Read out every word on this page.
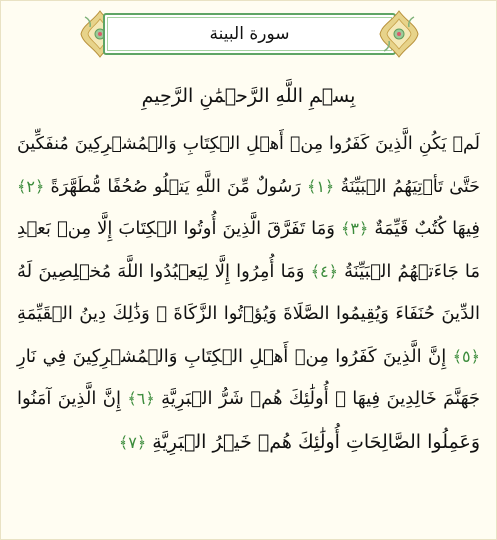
سورة البينة
بِسۡمِ اللَّهِ الرَّحۡمَٰنِ الرَّحِيمِ
لَمۡ يَكُنِ الَّذِينَ كَفَرُوا مِنۡ أَهۡلِ الۡكِتَابِ وَالۡمُشۡرِكِينَ مُنفَكِّينَ
حَتَّىٰ تَأۡتِيَهُمُ الۡبَيِّنَةُ ﴿١﴾ رَسُولٌ مِّنَ اللَّهِ يَتۡلُو صُحُفًا مُّطَهَّرَةً ﴿٢﴾
فِيهَا كُتُبٌ قَيِّمَةٌ ﴿٣﴾ وَمَا تَفَرَّقَ الَّذِينَ أُوتُوا الۡكِتَابَ إِلَّا مِنۢ بَعۡدِ
مَا جَاءَتۡهُمُ الۡبَيِّنَةُ ﴿٤﴾ وَمَا أُمِرُوا إِلَّا لِيَعۡبُدُوا اللَّهَ مُخۡلِصِينَ لَهُ
الدِّينَ حُنَفَاءَ وَيُقِيمُوا الصَّلَاةَ وَيُؤۡتُوا الزَّكَاةَ ۚ وَذَٰلِكَ دِينُ الۡقَيِّمَةِ
﴿٥﴾ إِنَّ الَّذِينَ كَفَرُوا مِنۡ أَهۡلِ الۡكِتَابِ وَالۡمُشۡرِكِينَ فِي نَارِ
جَهَنَّمَ خَالِدِينَ فِيهَا ۚ أُولَٰئِكَ هُمۡ شَرُّ الۡبَرِيَّةِ ﴿٦﴾ إِنَّ الَّذِينَ آمَنُوا
وَعَمِلُوا الصَّالِحَاتِ أُولَٰئِكَ هُمۡ خَيۡرُ الۡبَرِيَّةِ ﴿٧﴾
